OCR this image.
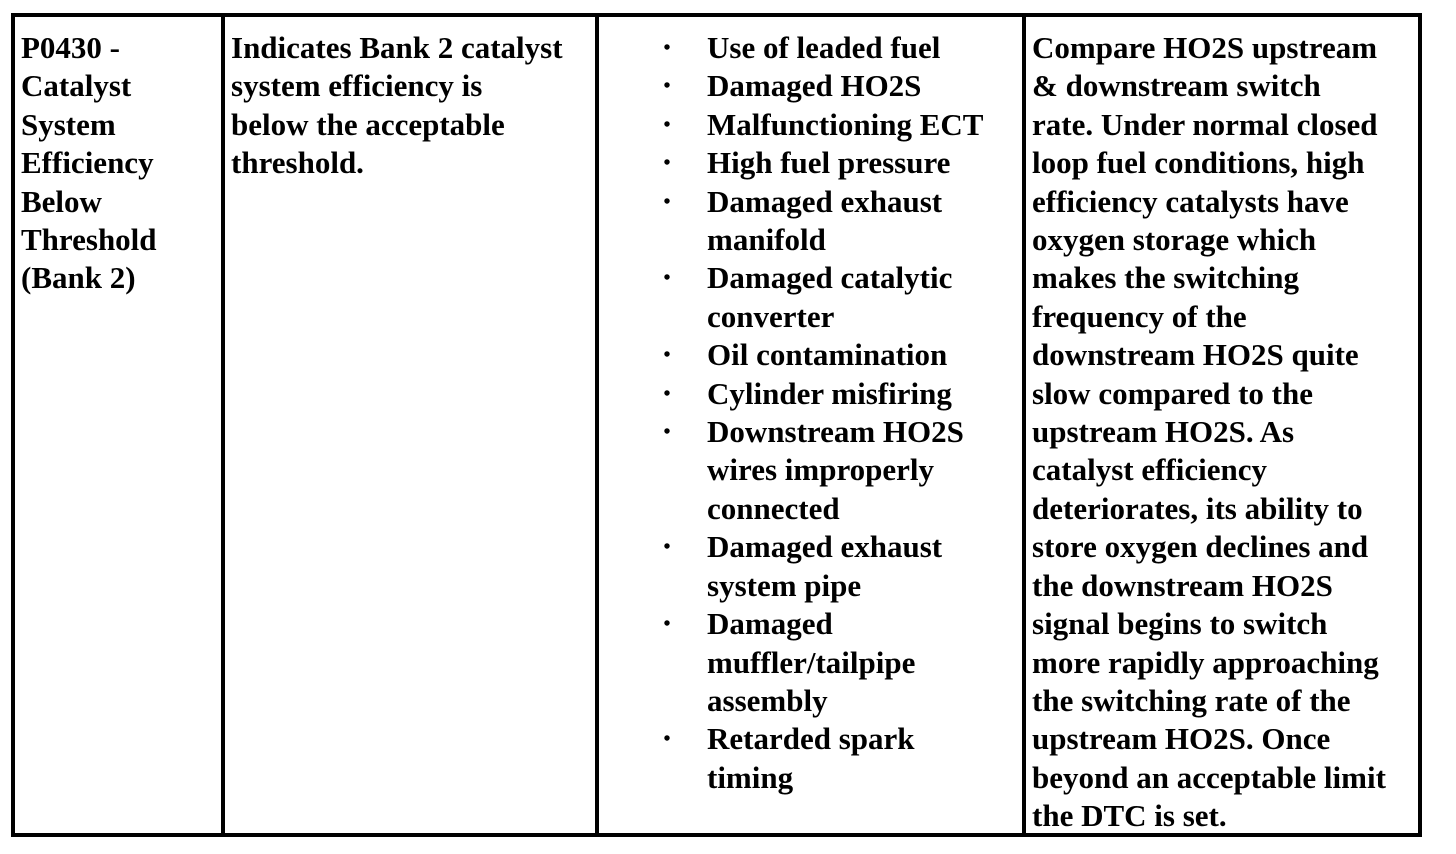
P0430 -
Catalyst
System
Efficiency
Below
Threshold
(Bank 2)
Indicates Bank 2 catalyst
system efficiency is
below the acceptable
threshold.
• Use of leaded fuel
• Damaged HO2S
• Malfunctioning ECT
• High fuel pressure
• Damaged exhaust
manifold
• Damaged catalytic
converter
• Oil contamination
• Cylinder misfiring
• Downstream HO2S
wires improperly
connected
• Damaged exhaust
system pipe
• Damaged
muffler/tailpipe
assembly
• Retarded spark
timing
Compare HO2S upstream
& downstream switch
rate. Under normal closed
loop fuel conditions, high
efficiency catalysts have
oxygen storage which
makes the switching
frequency of the
downstream HO2S quite
slow compared to the
upstream HO2S. As
catalyst efficiency
deteriorates, its ability to
store oxygen declines and
the downstream HO2S
signal begins to switch
more rapidly approaching
the switching rate of the
upstream HO2S. Once
beyond an acceptable limit
the DTC is set.
